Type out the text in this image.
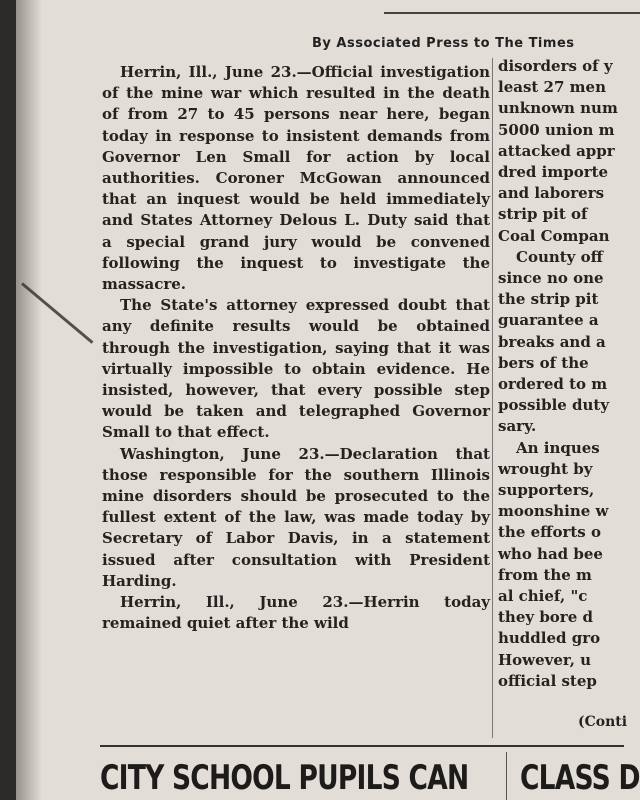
By Associated Press to The Times

Herrin, Ill., June 23.—Official investigation of the mine war which resulted in the death of from 27 to 45 persons near here, began today in response to insistent demands from Governor Len Small for action by local authorities. Coroner McGowan announced that an inquest would be held immediately and States Attorney Delous L. Duty said that a special grand jury would be convened following the inquest to investigate the massacre.

The State's attorney expressed doubt that any definite results would be obtained through the investigation, saying that it was virtually impossible to obtain evidence. He insisted, however, that every possible step would be taken and telegraphed Governor Small to that effect.

Washington, June 23.—Declaration that those responsible for the southern Illinois mine disorders should be prosecuted to the fullest extent of the law, was made today by Secretary of Labor Davis, in a statement issued after consultation with President Harding.

Herrin, Ill., June 23.—Herrin today remained quiet after the wild

disorders of y
least 27 men
unknown num
5000 union m
attacked appr
dred importe
and laborers
strip pit of
Coal Compan
County off
since no one
the strip pit
guarantee a
breaks and a
bers of the
ordered to m
possible duty
sary.
An inques
wrought by
supporters,
moonshine w
the efforts o
who had bee
from the m
al chief, "c
they bore d
huddled gro
However, u
official step
(Conti
CITY SCHOOL PUPILS CAN CLASS D
